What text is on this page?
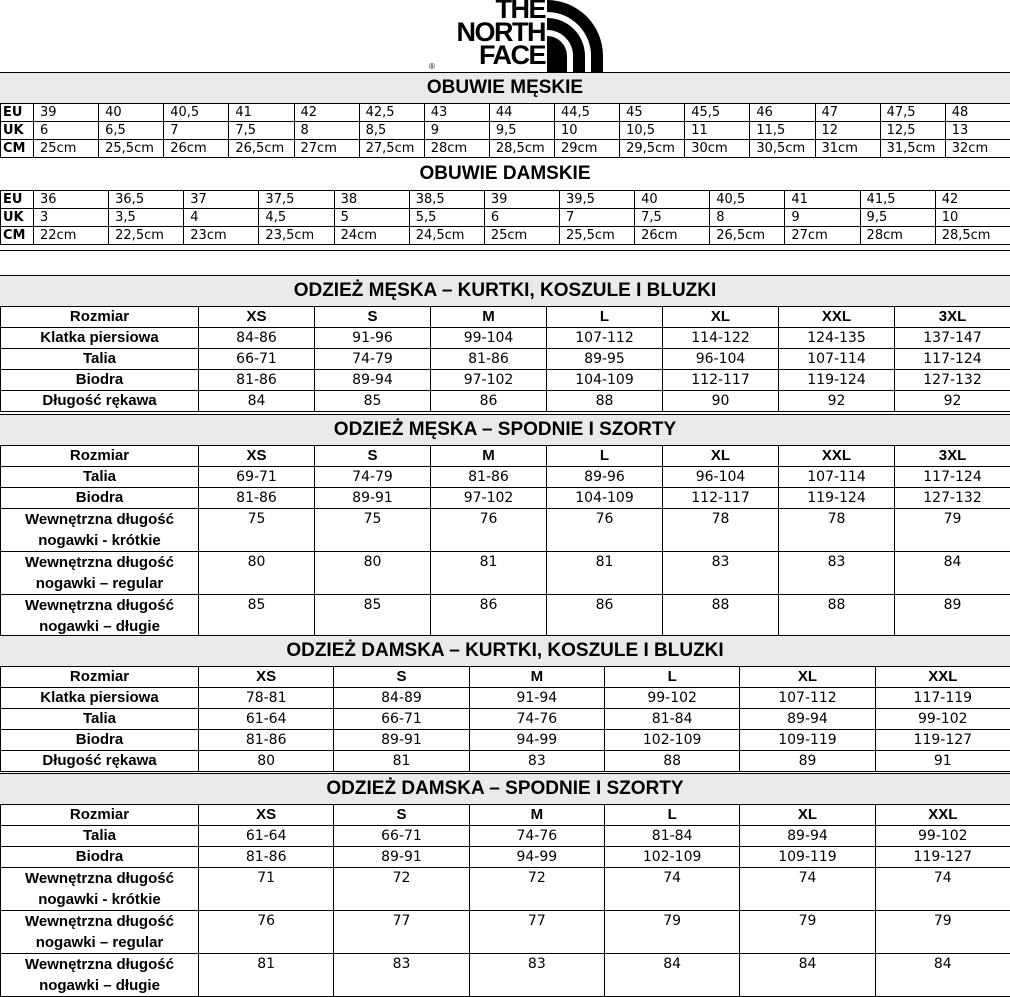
THE
NORTH
FACE
®
OBUWIE MĘSKIE
EU	39	40	40,5	41	42	42,5	43	44	44,5	45	45,5	46	47	47,5	48
UK	6	6,5	7	7,5	8	8,5	9	9,5	10	10,5	11	11,5	12	12,5	13
CM	25cm	25,5cm	26cm	26,5cm	27cm	27,5cm	28cm	28,5cm	29cm	29,5cm	30cm	30,5cm	31cm	31,5cm	32cm
OBUWIE DAMSKIE
EU	36	36,5	37	37,5	38	38,5	39	39,5	40	40,5	41	41,5	42
UK	3	3,5	4	4,5	5	5,5	6	7	7,5	8	9	9,5	10
CM	22cm	22,5cm	23cm	23,5cm	24cm	24,5cm	25cm	25,5cm	26cm	26,5cm	27cm	28cm	28,5cm
ODZIEŻ MĘSKA – KURTKI, KOSZULE I BLUZKI
Rozmiar	XS	S	M	L	XL	XXL	3XL

Klatka piersiowa	84-86	91-96	99-104	107-112	114-122	124-135	137-147

Talia	66-71	74-79	81-86	89-95	96-104	107-114	117-124

Biodra	81-86	89-94	97-102	104-109	112-117	119-124	127-132

Długość rękawa	84	85	86	88	90	92	92
ODZIEŻ MĘSKA – SPODNIE I SZORTY
Rozmiar	XS	S	M	L	XL	XXL	3XL

Talia	69-71	74-79	81-86	89-96	96-104	107-114	117-124

Biodra	81-86	89-91	97-102	104-109	112-117	119-124	127-132

Wewnętrzna długość
nogawki - krótkie	75	75	76	76	78	78	79

Wewnętrzna długość
nogawki – regular	80	80	81	81	83	83	84

Wewnętrzna długość
nogawki – długie	85	85	86	86	88	88	89
ODZIEŻ DAMSKA – KURTKI, KOSZULE I BLUZKI
Rozmiar	XS	S	M	L	XL	XXL

Klatka piersiowa	78-81	84-89	91-94	99-102	107-112	117-119

Talia	61-64	66-71	74-76	81-84	89-94	99-102

Biodra	81-86	89-91	94-99	102-109	109-119	119-127

Długość rękawa	80	81	83	88	89	91
ODZIEŻ DAMSKA – SPODNIE I SZORTY
Rozmiar	XS	S	M	L	XL	XXL

Talia	61-64	66-71	74-76	81-84	89-94	99-102

Biodra	81-86	89-91	94-99	102-109	109-119	119-127

Wewnętrzna długość
nogawki - krótkie	71	72	72	74	74	74

Wewnętrzna długość
nogawki – regular	76	77	77	79	79	79

Wewnętrzna długość
nogawki – długie	81	83	83	84	84	84
